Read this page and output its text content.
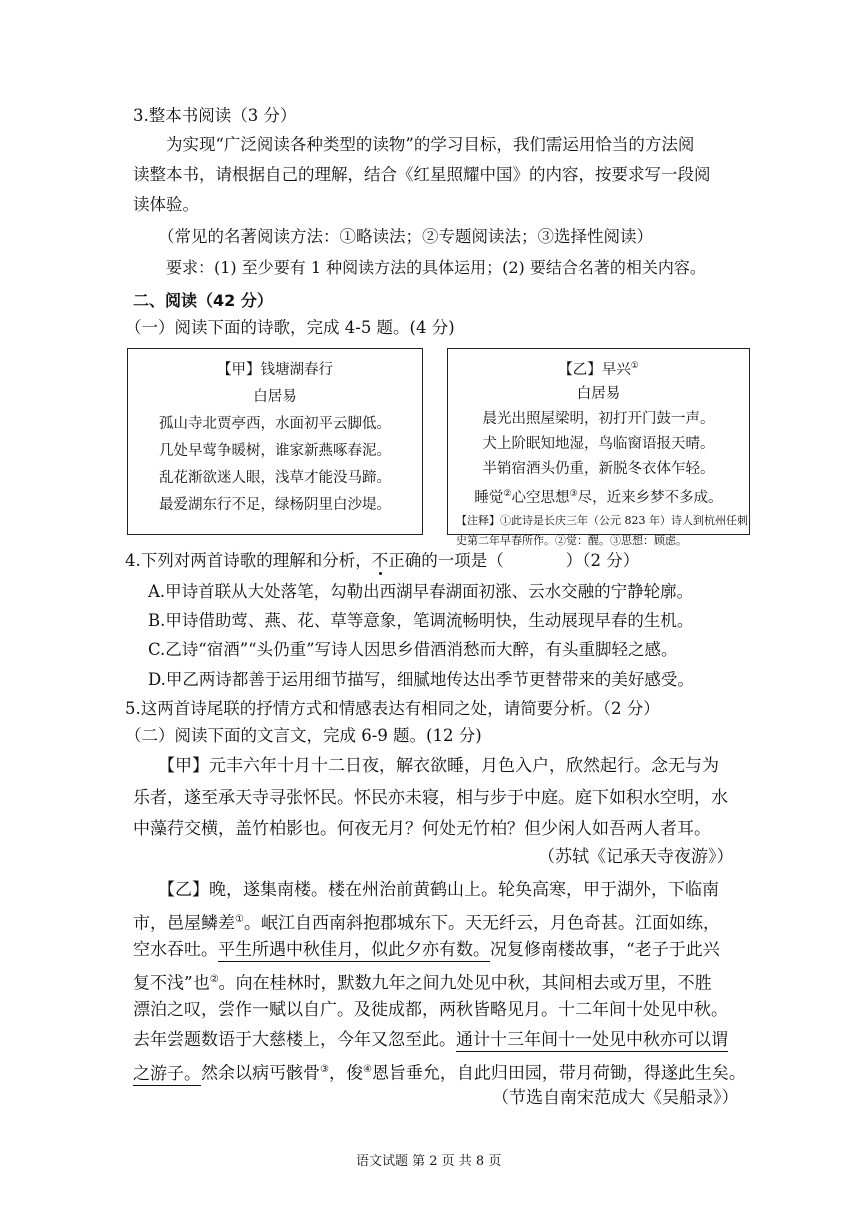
3.整本书阅读（3 分）
为实现“广泛阅读各种类型的读物”的学习目标，我们需运用恰当的方法阅
读整本书，请根据自己的理解，结合《红星照耀中国》的内容，按要求写一段阅
读体验。
（常见的名著阅读方法：①略读法；②专题阅读法；③选择性阅读）
要求：(1) 至少要有 1 种阅读方法的具体运用；(2) 要结合名著的相关内容。
二、阅读（42 分）
（一）阅读下面的诗歌，完成 4-5 题。(4 分)
【甲】钱塘湖春行
白居易
孤山寺北贾亭西，水面初平云脚低。
几处早莺争暖树，谁家新燕啄春泥。
乱花渐欲迷人眼，浅草才能没马蹄。
最爱湖东行不足，绿杨阴里白沙堤。
【乙】早兴①
白居易
晨光出照屋梁明，初打开门鼓一声。
犬上阶眠知地湿，鸟临窗语报天晴。
半销宿酒头仍重，新脱冬衣体乍轻。
睡觉②心空思想③尽，近来乡梦不多成。
【注释】①此诗是长庆三年（公元 823 年）诗人到杭州任刺
史第二年早春所作。②觉：醒。③思想：顾虑。
4.下列对两首诗歌的理解和分析，不正确的一项是（	）（2 分）
A.甲诗首联从大处落笔，勾勒出西湖早春湖面初涨、云水交融的宁静轮廓。
B.甲诗借助莺、燕、花、草等意象，笔调流畅明快，生动展现早春的生机。
C.乙诗“宿酒”“头仍重”写诗人因思乡借酒消愁而大醉，有头重脚轻之感。
D.甲乙两诗都善于运用细节描写，细腻地传达出季节更替带来的美好感受。
5.这两首诗尾联的抒情方式和情感表达有相同之处，请简要分析。（2 分）
（二）阅读下面的文言文，完成 6-9 题。(12 分)
【甲】元丰六年十月十二日夜，解衣欲睡，月色入户，欣然起行。念无与为
乐者，遂至承天寺寻张怀民。怀民亦未寝，相与步于中庭。庭下如积水空明，水
中藻荇交横，盖竹柏影也。何夜无月？何处无竹柏？但少闲人如吾两人者耳。
（苏轼《记承天寺夜游》）
【乙】晚，遂集南楼。楼在州治前黄鹤山上。轮奂高寒，甲于湖外，下临南
市，邑屋鳞差①。岷江自西南斜抱郡城东下。天无纤云，月色奇甚。江面如练，
空水吞吐。平生所遇中秋佳月，似此夕亦有数。况复修南楼故事，“老子于此兴
复不浅”也②。向在桂林时，默数九年之间九处见中秋，其间相去或万里，不胜
漂泊之叹，尝作一赋以自广。及徙成都，两秋皆略见月。十二年间十处见中秋。
去年尝题数语于大慈楼上，今年又忽至此。通计十三年间十一处见中秋亦可以谓
之游子。然余以病丐骸骨③，俊④恩旨垂允，自此归田园，带月荷锄，得遂此生矣。
（节选自南宋范成大《吴船录》）
语文试题 第 2 页 共 8 页
